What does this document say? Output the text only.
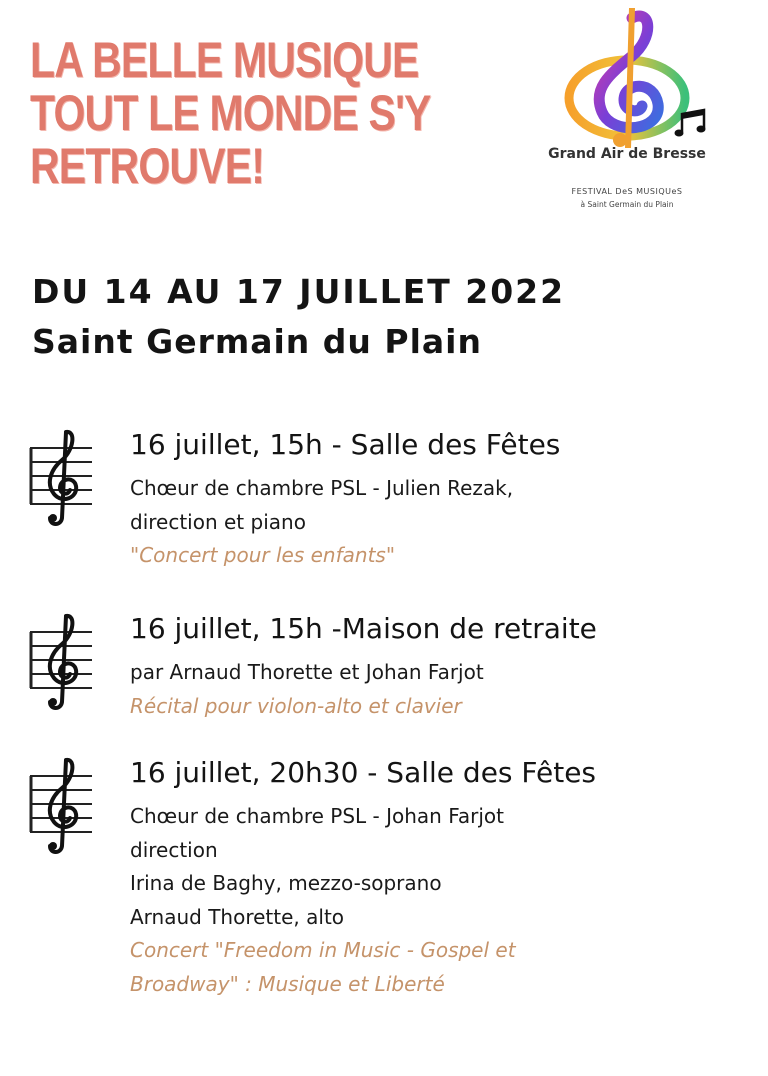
LA BELLE MUSIQUE
TOUT LE MONDE S'Y
RETROUVE!	Grand Air de Bresse
FESTIVAL DeS MUSIQUeS
à Saint Germain du Plain
DU 14 AU 17 JUILLET 2022
Saint Germain du Plain
16 juillet, 15h - Salle des Fêtes
Chœur de chambre PSL - Julien Rezak,
direction et piano
"Concert pour les enfants"
16 juillet, 15h -Maison de retraite
par Arnaud Thorette et Johan Farjot
Récital pour violon-alto et clavier
16 juillet, 20h30 - Salle des Fêtes
Chœur de chambre PSL - Johan Farjot
direction
Irina de Baghy, mezzo-soprano
Arnaud Thorette, alto
Concert "Freedom in Music - Gospel et
Broadway" : Musique et Liberté
